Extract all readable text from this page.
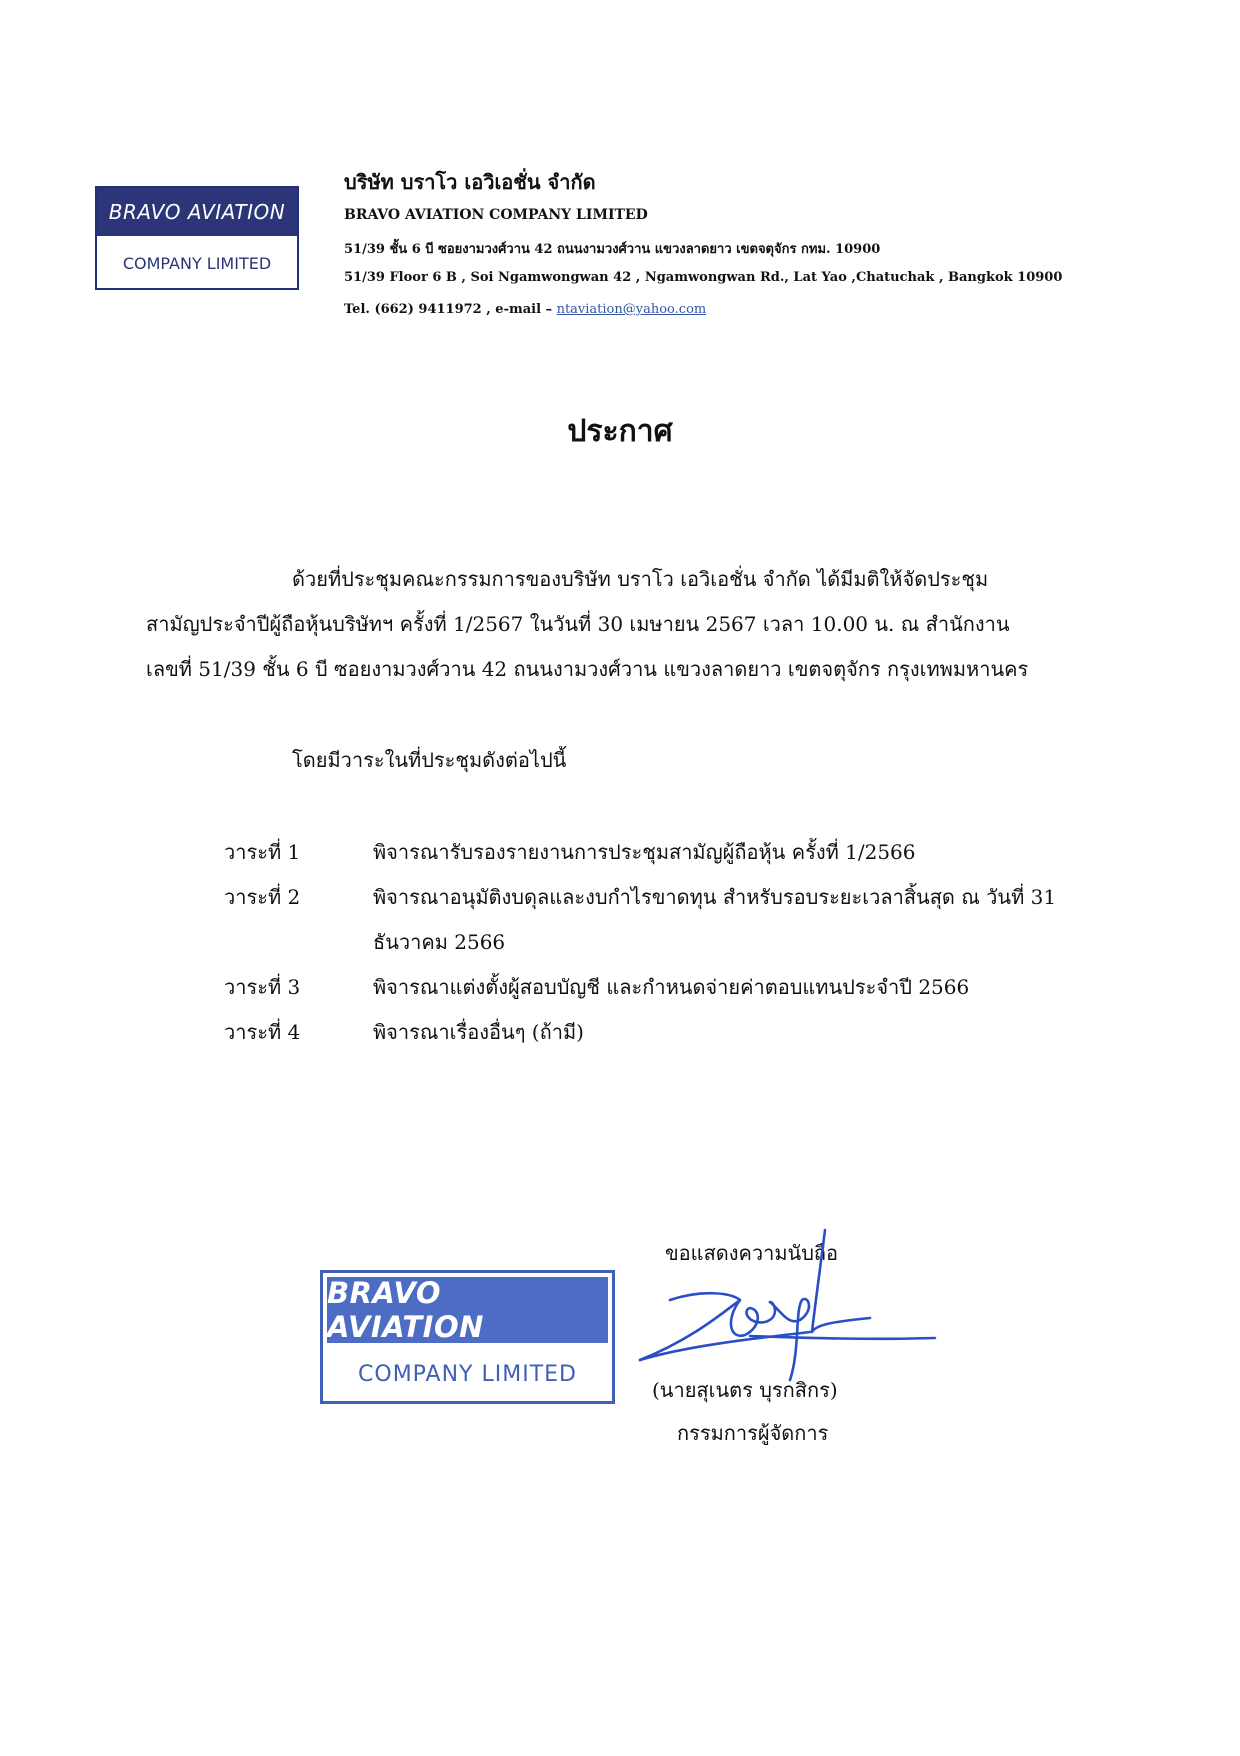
BRAVO AVIATION
COMPANY LIMITED
บริษัท บราโว เอวิเอชั่น จำกัด
BRAVO AVIATION COMPANY LIMITED
51/39 ชั้น 6 บี ซอยงามวงศ์วาน 42 ถนนงามวงศ์วาน แขวงลาดยาว เขตจตุจักร กทม. 10900
51/39 Floor 6 B , Soi Ngamwongwan 42 , Ngamwongwan Rd., Lat Yao ,Chatuchak , Bangkok 10900
Tel. (662) 9411972 , e-mail – ntaviation@yahoo.com
ประกาศ
ด้วยที่ประชุมคณะกรรมการของบริษัท บราโว เอวิเอชั่น จำกัด ได้มีมติให้จัดประชุม
สามัญประจำปีผู้ถือหุ้นบริษัทฯ ครั้งที่ 1/2567 ในวันที่ 30 เมษายน 2567 เวลา 10.00 น. ณ สำนักงาน
เลขที่ 51/39 ชั้น 6 บี ซอยงามวงศ์วาน 42 ถนนงามวงศ์วาน แขวงลาดยาว เขตจตุจักร กรุงเทพมหานคร
โดยมีวาระในที่ประชุมดังต่อไปนี้
วาระที่ 1	พิจารณารับรองรายงานการประชุมสามัญผู้ถือหุ้น ครั้งที่ 1/2566
วาระที่ 2	พิจารณาอนุมัติงบดุลและงบกำไรขาดทุน สำหรับรอบระยะเวลาสิ้นสุด ณ วันที่ 31
ธันวาคม 2566
วาระที่ 3	พิจารณาแต่งตั้งผู้สอบบัญชี และกำหนดจ่ายค่าตอบแทนประจำปี 2566
วาระที่ 4	พิจารณาเรื่องอื่นๆ (ถ้ามี)
BRAVO AVIATION
COMPANY LIMITED
ขอแสดงความนับถือ
(นายสุเนตร บุรกสิกร)
กรรมการผู้จัดการ
